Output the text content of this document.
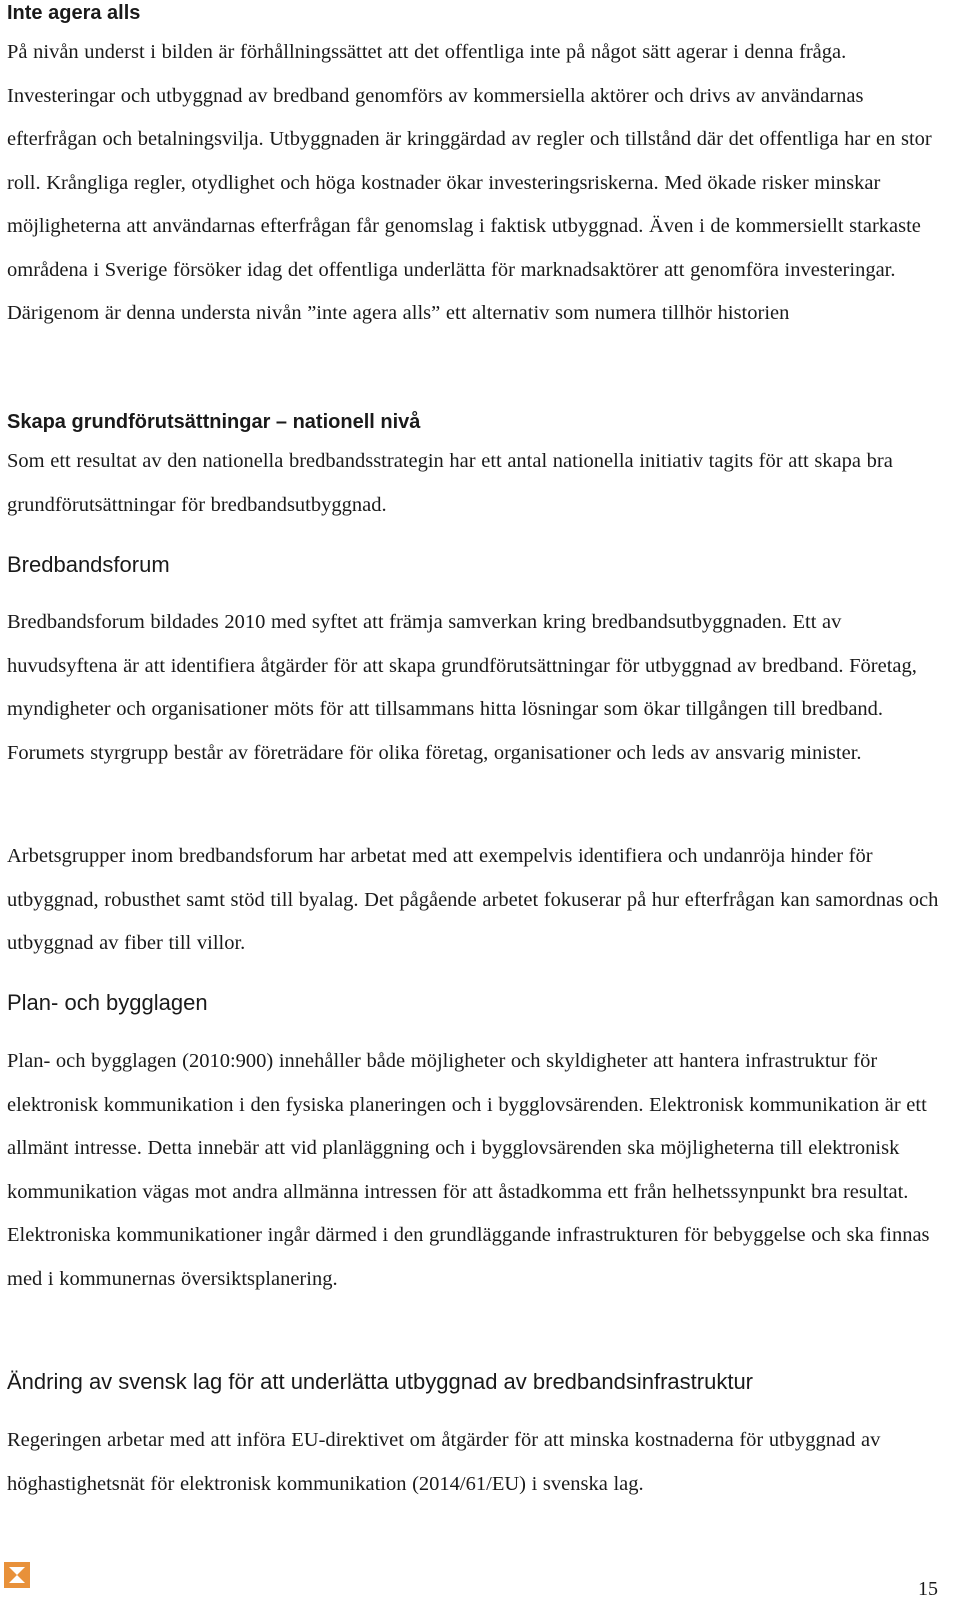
Inte agera alls

På nivån underst i bilden är förhållningssättet att det offentliga inte på något sätt agerar i denna fråga. Investeringar och utbyggnad av bredband genomförs av kommersiella aktörer och drivs av användarnas efterfrågan och betalningsvilja. Utbyggnaden är kringgärdad av regler och tillstånd där det offentliga har en stor roll. Krångliga regler, otydlighet och höga kostnader ökar investeringsriskerna. Med ökade risker minskar möjligheterna att användarnas efterfrågan får genomslag i faktisk utbyggnad. Även i de kommersiellt starkaste områdena i Sverige försöker idag det offentliga underlätta för marknadsaktörer att genomföra investeringar. Därigenom är denna understa nivån ”inte agera alls” ett alternativ som numera tillhör historien

Skapa grundförutsättningar – nationell nivå

Som ett resultat av den nationella bredbandsstrategin har ett antal nationella initiativ tagits för att skapa bra grundförutsättningar för bredbandsutbyggnad.

Bredbandsforum

Bredbandsforum bildades 2010 med syftet att främja samverkan kring bredbandsutbyggnaden. Ett av huvudsyftena är att identifiera åtgärder för att skapa grundförutsättningar för utbyggnad av bredband. Företag, myndigheter och organisationer möts för att tillsammans hitta lösningar som ökar tillgången till bredband. Forumets styrgrupp består av företrädare för olika företag, organisationer och leds av ansvarig minister.

Arbetsgrupper inom bredbandsforum har arbetat med att exempelvis identifiera och undanröja hinder för utbyggnad, robusthet samt stöd till byalag. Det pågående arbetet fokuserar på hur efterfrågan kan samordnas och utbyggnad av fiber till villor.

Plan- och bygglagen

Plan- och bygglagen (2010:900) innehåller både möjligheter och skyldigheter att hantera infrastruktur för elektronisk kommunikation i den fysiska planeringen och i bygglovsärenden. Elektronisk kommunikation är ett allmänt intresse. Detta innebär att vid planläggning och i bygglovsärenden ska möjligheterna till elektronisk kommunikation vägas mot andra allmänna intressen för att åstadkomma ett från helhetssynpunkt bra resultat. Elektroniska kommunikationer ingår därmed i den grundläggande infrastrukturen för bebyggelse och ska finnas med i kommunernas översiktsplanering.

Ändring av svensk lag för att underlätta utbyggnad av bredbandsinfrastruktur

Regeringen arbetar med att införa EU-direktivet om åtgärder för att minska kostnaderna för utbyggnad av höghastighetsnät för elektronisk kommunikation (2014/61/EU) i svenska lag.

15
